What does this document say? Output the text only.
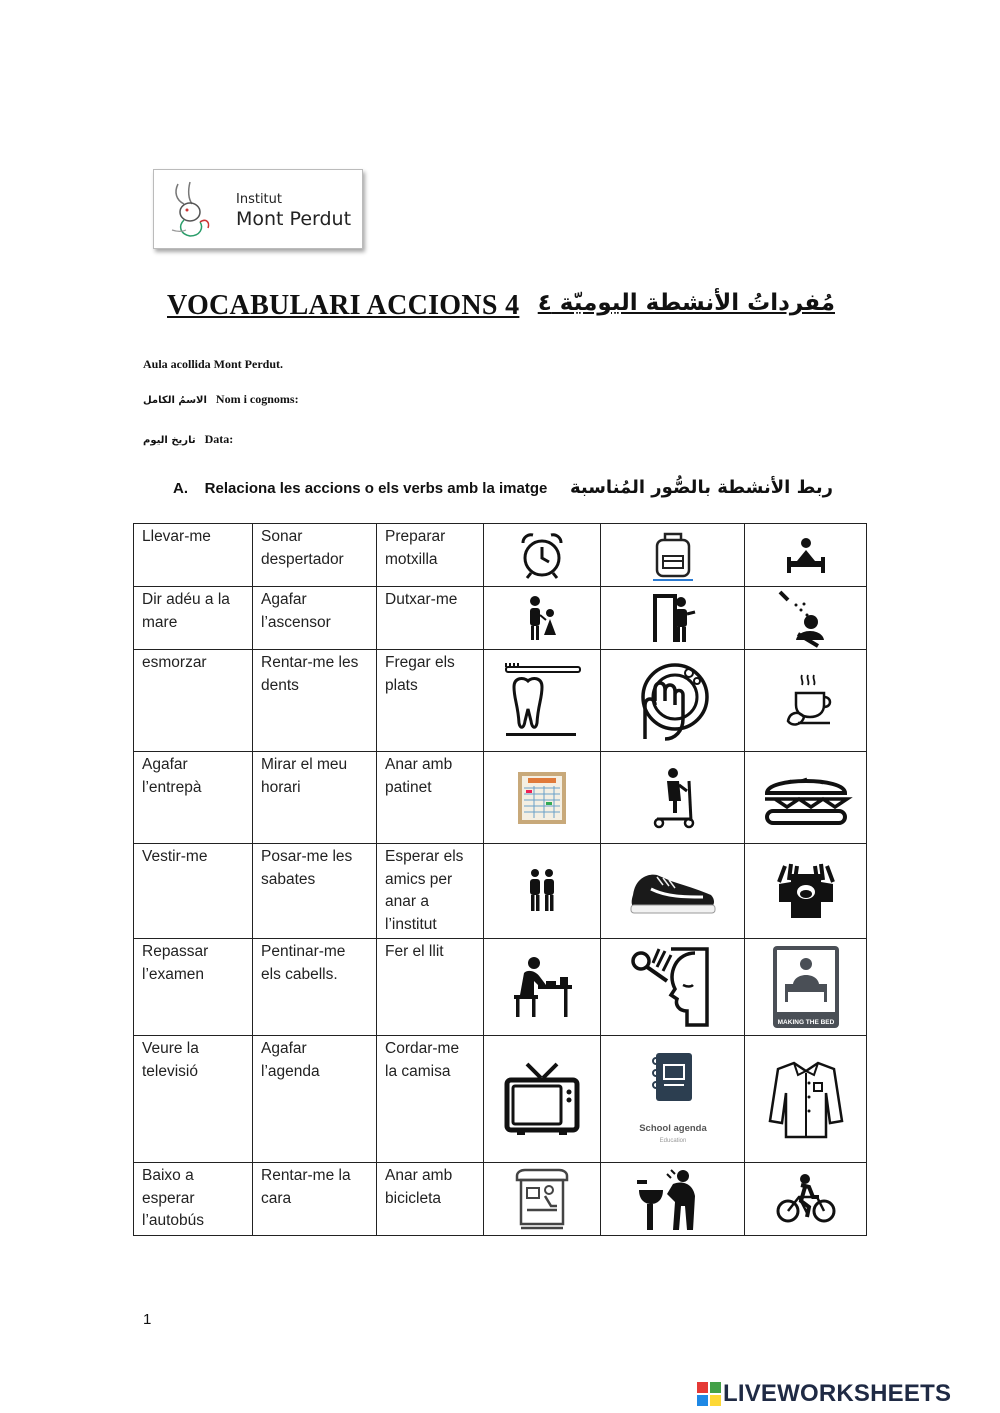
Institut
Mont Perdut
VOCABULARI ACCIONS 4 مُفرداتُ الأنشطة اليوميّة ٤
Aula acollida Mont Perdut.
الاسمُ الكامل Nom i cognoms:
تاريخ اليوم Data:
A. Relaciona les accions o els verbs amb la imatge ربط الأنشطة بالصُّور المُناسبة
Llevar-me	Sonar despertador	Preparar motxilla	

Dir adéu a la mare	Agafar l’ascensor	Dutxar-me	

esmorzar	Rentar-me les dents	Fregar els plats	

Agafar l’entrepà	Mirar el meu horari	Anar amb patinet	

Vestir-me	Posar-me les sabates	Esperar els amics per anar a l’institut	

Repassar l’examen	Pentinar-me els cabells.	Fer el llit			MAKING THE BED

Veure la televisió	Agafar l’agenda	Cordar-me la camisa		School agenda
Education

Baixo a esperar l’autobús	Rentar-me la cara	Anar amb bicicleta	

1
LIVEWORKSHEETS
